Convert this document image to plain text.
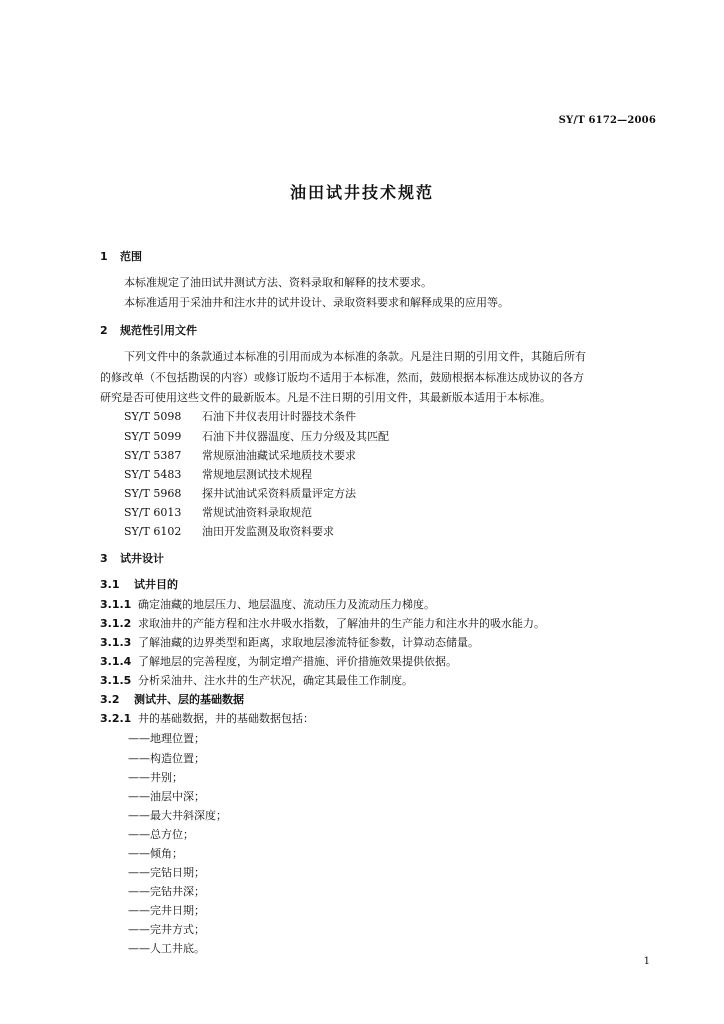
SY/T 6172—2006
油田试井技术规范
1 范围
本标准规定了油田试井测试方法、资料录取和解释的技术要求。
本标准适用于采油井和注水井的试井设计、录取资料要求和解释成果的应用等。
2 规范性引用文件
下列文件中的条款通过本标准的引用而成为本标准的条款。凡是注日期的引用文件，其随后所有
的修改单（不包括勘误的内容）或修订版均不适用于本标准，然而，鼓励根据本标准达成协议的各方
研究是否可使用这些文件的最新版本。凡是不注日期的引用文件，其最新版本适用于本标准。
SY/T 5098 石油下井仪表用计时器技术条件
SY/T 5099 石油下井仪器温度、压力分级及其匹配
SY/T 5387 常规原油油藏试采地质技术要求
SY/T 5483 常规地层测试技术规程
SY/T 5968 探井试油试采资料质量评定方法
SY/T 6013 常规试油资料录取规范
SY/T 6102 油田开发监测及取资料要求
3 试井设计
3.1 试井目的
3.1.1 确定油藏的地层压力、地层温度、流动压力及流动压力梯度。
3.1.2 求取油井的产能方程和注水井吸水指数，了解油井的生产能力和注水井的吸水能力。
3.1.3 了解油藏的边界类型和距离，求取地层渗流特征参数，计算动态储量。
3.1.4 了解地层的完善程度，为制定增产措施、评价措施效果提供依据。
3.1.5 分析采油井、注水井的生产状况，确定其最佳工作制度。
3.2 测试井、层的基础数据
3.2.1 井的基础数据，井的基础数据包括：
——地理位置；
——构造位置；
——井别；
——油层中深；
——最大井斜深度；
——总方位；
——倾角；
——完钻日期；
——完钻井深；
——完井日期；
——完井方式；
——人工井底。
1
